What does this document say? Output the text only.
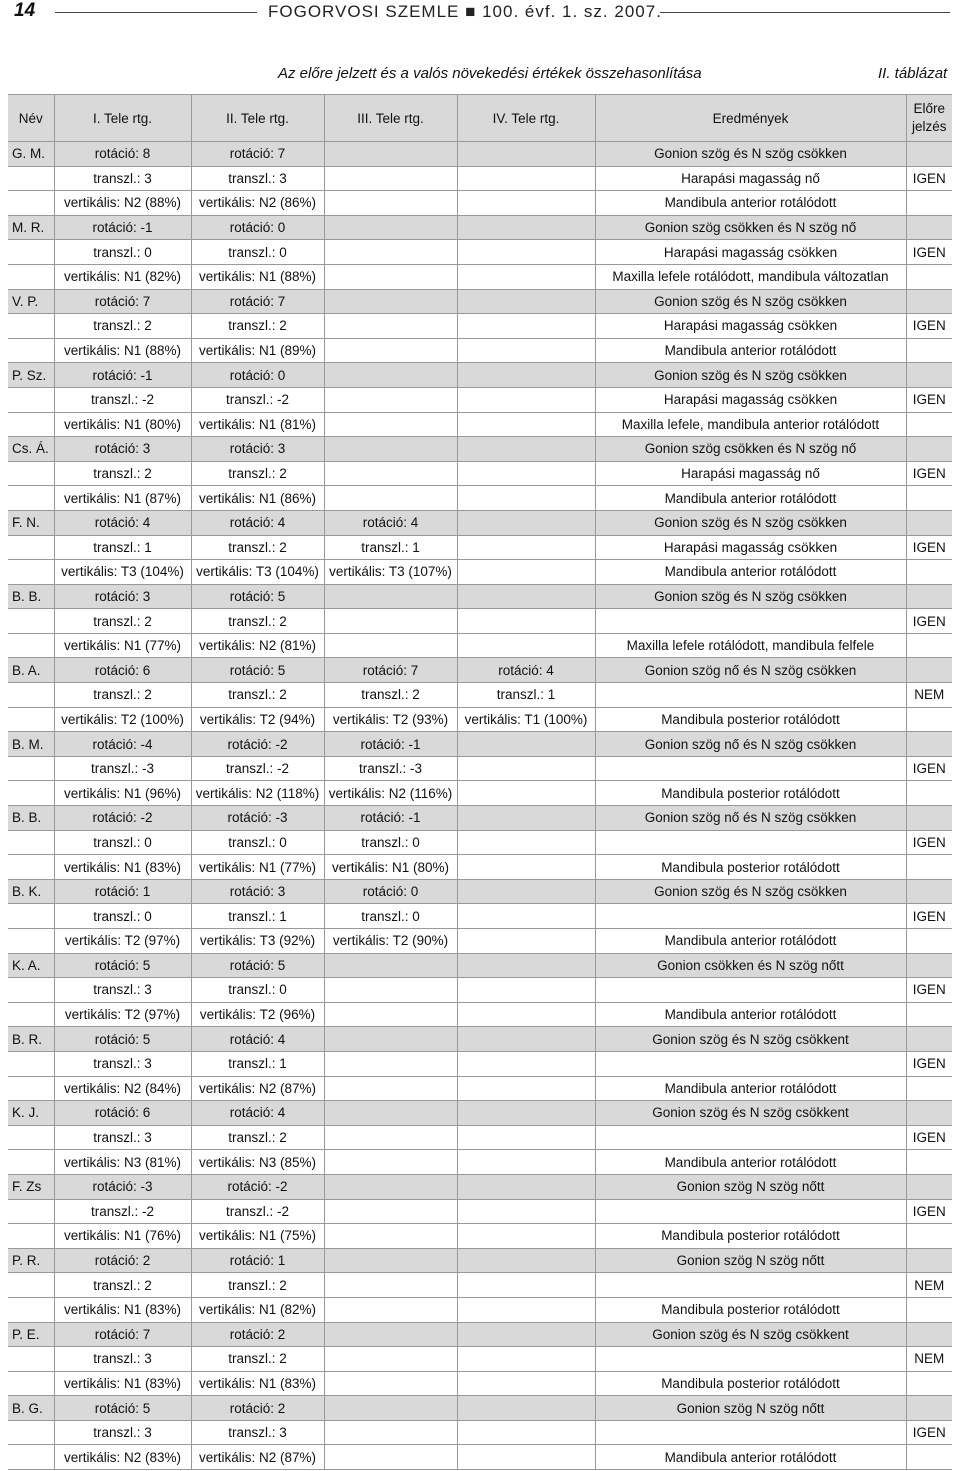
14	FOGORVOSI SZEMLE ■ 100. évf. 1. sz. 2007.
Az előre jelzett és a valós növekedési értékek összehasonlítása	II. táblázat
Név	I. Tele rtg.	II. Tele rtg.	III. Tele rtg.	IV. Tele rtg.	Eredmények	Előre jelzés
G. M.	rotáció: 8	rotáció: 7			Gonion szög és N szög csökken	
	transzl.: 3	transzl.: 3			Harapási magasság nő	IGEN
	vertikális: N2 (88%)	vertikális: N2 (86%)			Mandibula anterior rotálódott	
M. R.	rotáció: -1	rotáció: 0			Gonion szög csökken és N szög nő	
	transzl.: 0	transzl.: 0			Harapási magasság csökken	IGEN
	vertikális: N1 (82%)	vertikális: N1 (88%)			Maxilla lefele rotálódott, mandibula változatlan	
V. P.	rotáció: 7	rotáció: 7			Gonion szög és N szög csökken	
	transzl.: 2	transzl.: 2			Harapási magasság csökken	IGEN
	vertikális: N1 (88%)	vertikális: N1 (89%)			Mandibula anterior rotálódott	
P. Sz.	rotáció: -1	rotáció: 0			Gonion szög és N szög csökken	
	transzl.: -2	transzl.: -2			Harapási magasság csökken	IGEN
	vertikális: N1 (80%)	vertikális: N1 (81%)			Maxilla lefele, mandibula anterior rotálódott	
Cs. Á.	rotáció: 3	rotáció: 3			Gonion szög csökken és N szög nő	
	transzl.: 2	transzl.: 2			Harapási magasság nő	IGEN
	vertikális: N1 (87%)	vertikális: N1 (86%)			Mandibula anterior rotálódott	
F. N.	rotáció: 4	rotáció: 4	rotáció: 4		Gonion szög és N szög csökken	
	transzl.: 1	transzl.: 2	transzl.: 1		Harapási magasság csökken	IGEN
	vertikális: T3 (104%)	vertikális: T3 (104%)	vertikális: T3 (107%)		Mandibula anterior rotálódott	
B. B.	rotáció: 3	rotáció: 5			Gonion szög és N szög csökken	
	transzl.: 2	transzl.: 2				IGEN
	vertikális: N1 (77%)	vertikális: N2 (81%)			Maxilla lefele rotálódott, mandibula felfele	
B. A.	rotáció: 6	rotáció: 5	rotáció: 7	rotáció: 4	Gonion szög nő és N szög csökken	
	transzl.: 2	transzl.: 2	transzl.: 2	transzl.: 1		NEM
	vertikális: T2 (100%)	vertikális: T2 (94%)	vertikális: T2 (93%)	vertikális: T1 (100%)	Mandibula posterior rotálódott	
B. M.	rotáció: -4	rotáció: -2	rotáció: -1		Gonion szög nő és N szög csökken	
	transzl.: -3	transzl.: -2	transzl.: -3			IGEN
	vertikális: N1 (96%)	vertikális: N2 (118%)	vertikális: N2 (116%)		Mandibula posterior rotálódott	
B. B.	rotáció: -2	rotáció: -3	rotáció: -1		Gonion szög nő és N szög csökken	
	transzl.: 0	transzl.: 0	transzl.: 0			IGEN
	vertikális: N1 (83%)	vertikális: N1 (77%)	vertikális: N1 (80%)		Mandibula posterior rotálódott	
B. K.	rotáció: 1	rotáció: 3	rotáció: 0		Gonion szög és N szög csökken	
	transzl.: 0	transzl.: 1	transzl.: 0			IGEN
	vertikális: T2 (97%)	vertikális: T3 (92%)	vertikális: T2 (90%)		Mandibula anterior rotálódott	
K. A.	rotáció: 5	rotáció: 5			Gonion csökken és N szög nőtt	
	transzl.: 3	transzl.: 0				IGEN
	vertikális: T2 (97%)	vertikális: T2 (96%)			Mandibula anterior rotálódott	
B. R.	rotáció: 5	rotáció: 4			Gonion szög és N szög csökkent	
	transzl.: 3	transzl.: 1				IGEN
	vertikális: N2 (84%)	vertikális: N2 (87%)			Mandibula anterior rotálódott	
K. J.	rotáció: 6	rotáció: 4			Gonion szög és N szög csökkent	
	transzl.: 3	transzl.: 2				IGEN
	vertikális: N3 (81%)	vertikális: N3 (85%)			Mandibula anterior rotálódott	
F. Zs	rotáció: -3	rotáció: -2			Gonion szög N szög nőtt	
	transzl.: -2	transzl.: -2				IGEN
	vertikális: N1 (76%)	vertikális: N1 (75%)			Mandibula posterior rotálódott	
P. R.	rotáció: 2	rotáció: 1			Gonion szög N szög nőtt	
	transzl.: 2	transzl.: 2				NEM
	vertikális: N1 (83%)	vertikális: N1 (82%)			Mandibula posterior rotálódott	
P. E.	rotáció: 7	rotáció: 2			Gonion szög és N szög csökkent	
	transzl.: 3	transzl.: 2				NEM
	vertikális: N1 (83%)	vertikális: N1 (83%)			Mandibula posterior rotálódott	
B. G.	rotáció: 5	rotáció: 2			Gonion szög N szög nőtt	
	transzl.: 3	transzl.: 3				IGEN
	vertikális: N2 (83%)	vertikális: N2 (87%)			Mandibula anterior rotálódott	
